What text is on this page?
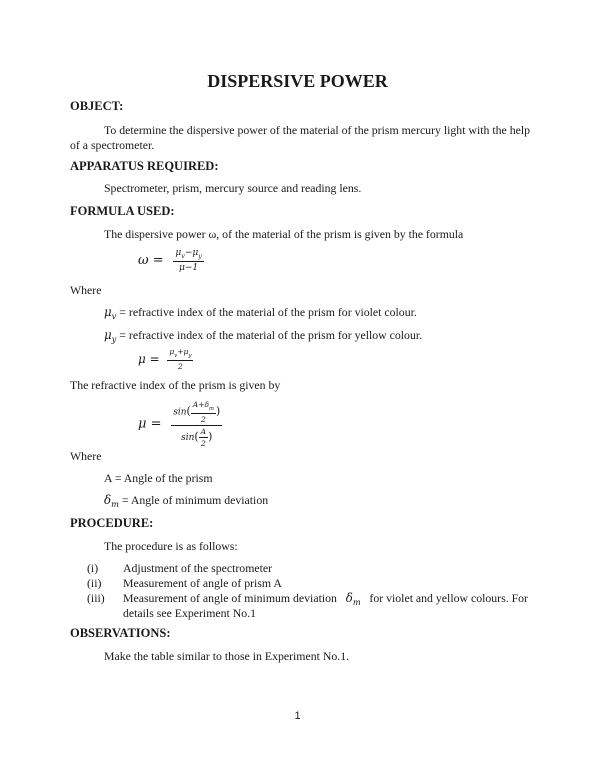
DISPERSIVE POWER
OBJECT:
To determine the dispersive power of the material of the prism mercury light with the help
of a spectrometer.
APPARATUS REQUIRED:
Spectrometer, prism, mercury source and reading lens.
FORMULA USED:
The dispersive power ω, of the material of the prism is given by the formula
$\omega = \frac{\mu_v-\mu_y}{\mu-1}$
Where
$\mu_v$ = refractive index of the material of the prism for violet colour.
$\mu_y$ = refractive index of the material of the prism for yellow colour.
$\mu = \frac{\mu_v+\mu_y}{2}$
The refractive index of the prism is given by
$\mu = \frac{\sin( \frac{A+\delta_m}{2} )}{\sin( \frac{A}{2} )}$
Where
A = Angle of the prism
$\delta_m$ = Angle of minimum deviation
PROCEDURE:
The procedure is as follows:
(i) Adjustment of the spectrometer
(ii) Measurement of angle of prism A
(iii) Measurement of angle of minimum deviation $\delta_m$ for violet and yellow colours. For
details see Experiment No.1
OBSERVATIONS:
Make the table similar to those in Experiment No.1.
1
